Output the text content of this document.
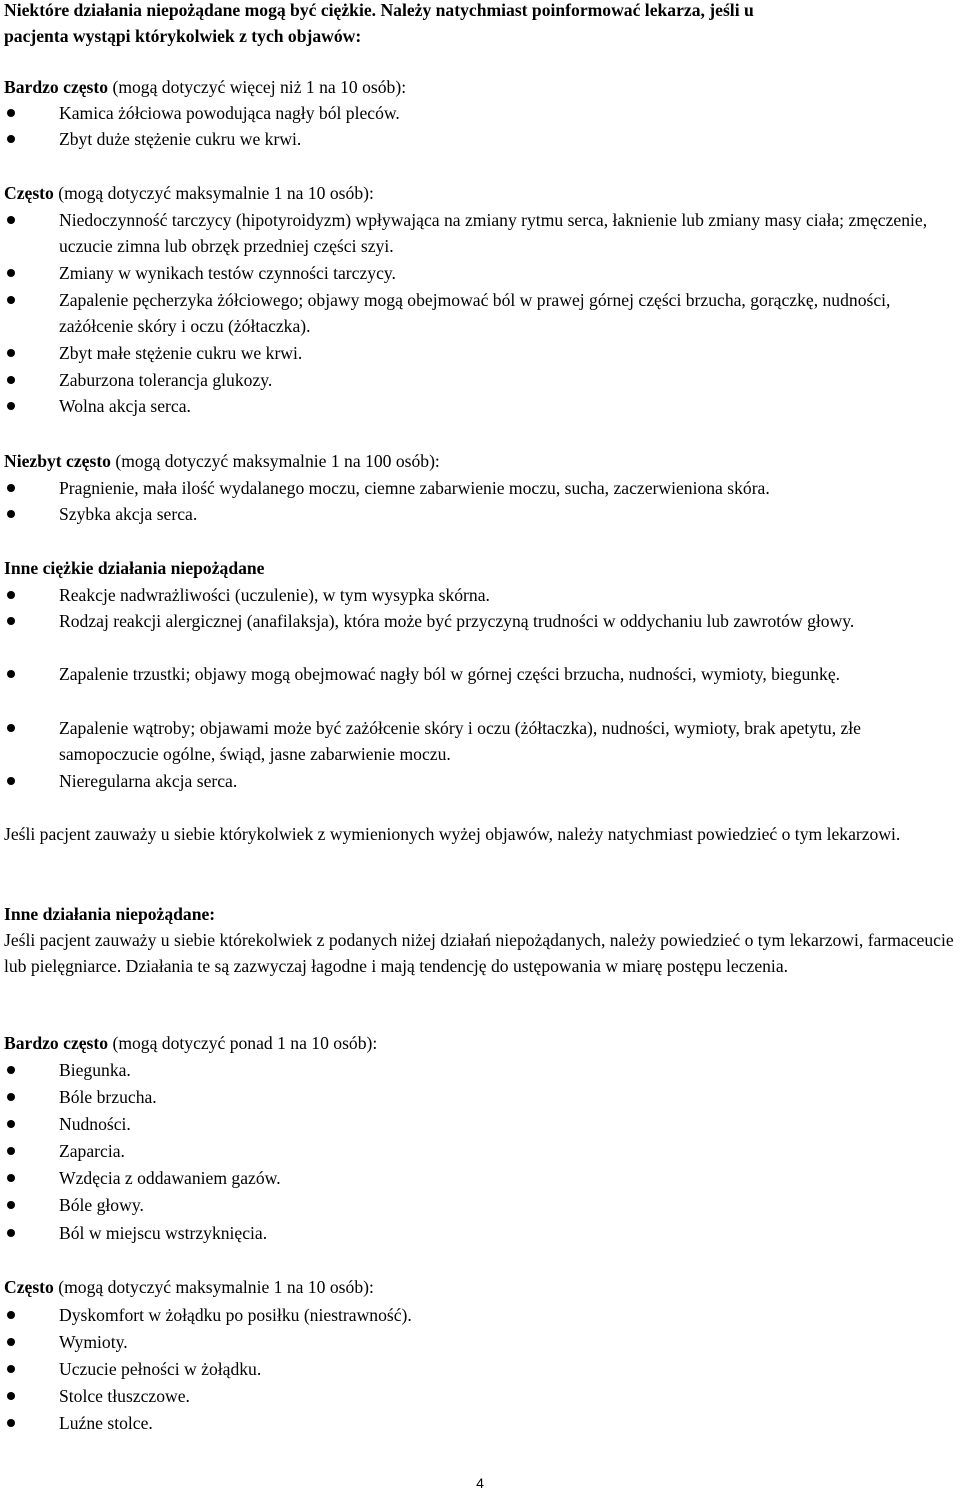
Niektóre działania niepożądane mogą być ciężkie. Należy natychmiast poinformować lekarza, jeśli u

pacjenta wystąpi którykolwiek z tych objawów:

Bardzo często (mogą dotyczyć więcej niż 1 na 10 osób):

Kamica żółciowa powodująca nagły ból pleców.

Zbyt duże stężenie cukru we krwi.

Często (mogą dotyczyć maksymalnie 1 na 10 osób):

Niedoczynność tarczycy (hipotyroidyzm) wpływająca na zmiany rytmu serca, łaknienie lub zmiany masy ciała; zmęczenie, uczucie zimna lub obrzęk przedniej części szyi.

Zmiany w wynikach testów czynności tarczycy.

Zapalenie pęcherzyka żółciowego; objawy mogą obejmować ból w prawej górnej części brzucha, gorączkę, nudności, zażółcenie skóry i oczu (żółtaczka).

Zbyt małe stężenie cukru we krwi.

Zaburzona tolerancja glukozy.

Wolna akcja serca.

Niezbyt często (mogą dotyczyć maksymalnie 1 na 100 osób):

Pragnienie, mała ilość wydalanego moczu, ciemne zabarwienie moczu, sucha, zaczerwieniona skóra.

Szybka akcja serca.

Inne ciężkie działania niepożądane

Reakcje nadwrażliwości (uczulenie), w tym wysypka skórna.

Rodzaj reakcji alergicznej (anafilaksja), która może być przyczyną trudności w oddychaniu lub zawrotów głowy.

Zapalenie trzustki; objawy mogą obejmować nagły ból w górnej części brzucha, nudności, wymioty, biegunkę.

Zapalenie wątroby; objawami może być zażółcenie skóry i oczu (żółtaczka), nudności, wymioty, brak apetytu, złe samopoczucie ogólne, świąd, jasne zabarwienie moczu.

Nieregularna akcja serca.

Jeśli pacjent zauważy u siebie którykolwiek z wymienionych wyżej objawów, należy natychmiast powiedzieć o tym lekarzowi.

Inne działania niepożądane:

Jeśli pacjent zauważy u siebie którekolwiek z podanych niżej działań niepożądanych, należy powiedzieć o tym lekarzowi, farmaceucie lub pielęgniarce. Działania te są zazwyczaj łagodne i mają tendencję do ustępowania w miarę postępu leczenia.

Bardzo często (mogą dotyczyć ponad 1 na 10 osób):

Biegunka.

Bóle brzucha.

Nudności.

Zaparcia.

Wzdęcia z oddawaniem gazów.

Bóle głowy.

Ból w miejscu wstrzyknięcia.

Często (mogą dotyczyć maksymalnie 1 na 10 osób):

Dyskomfort w żołądku po posiłku (niestrawność).

Wymioty.

Uczucie pełności w żołądku.

Stolce tłuszczowe.

Luźne stolce.

4
